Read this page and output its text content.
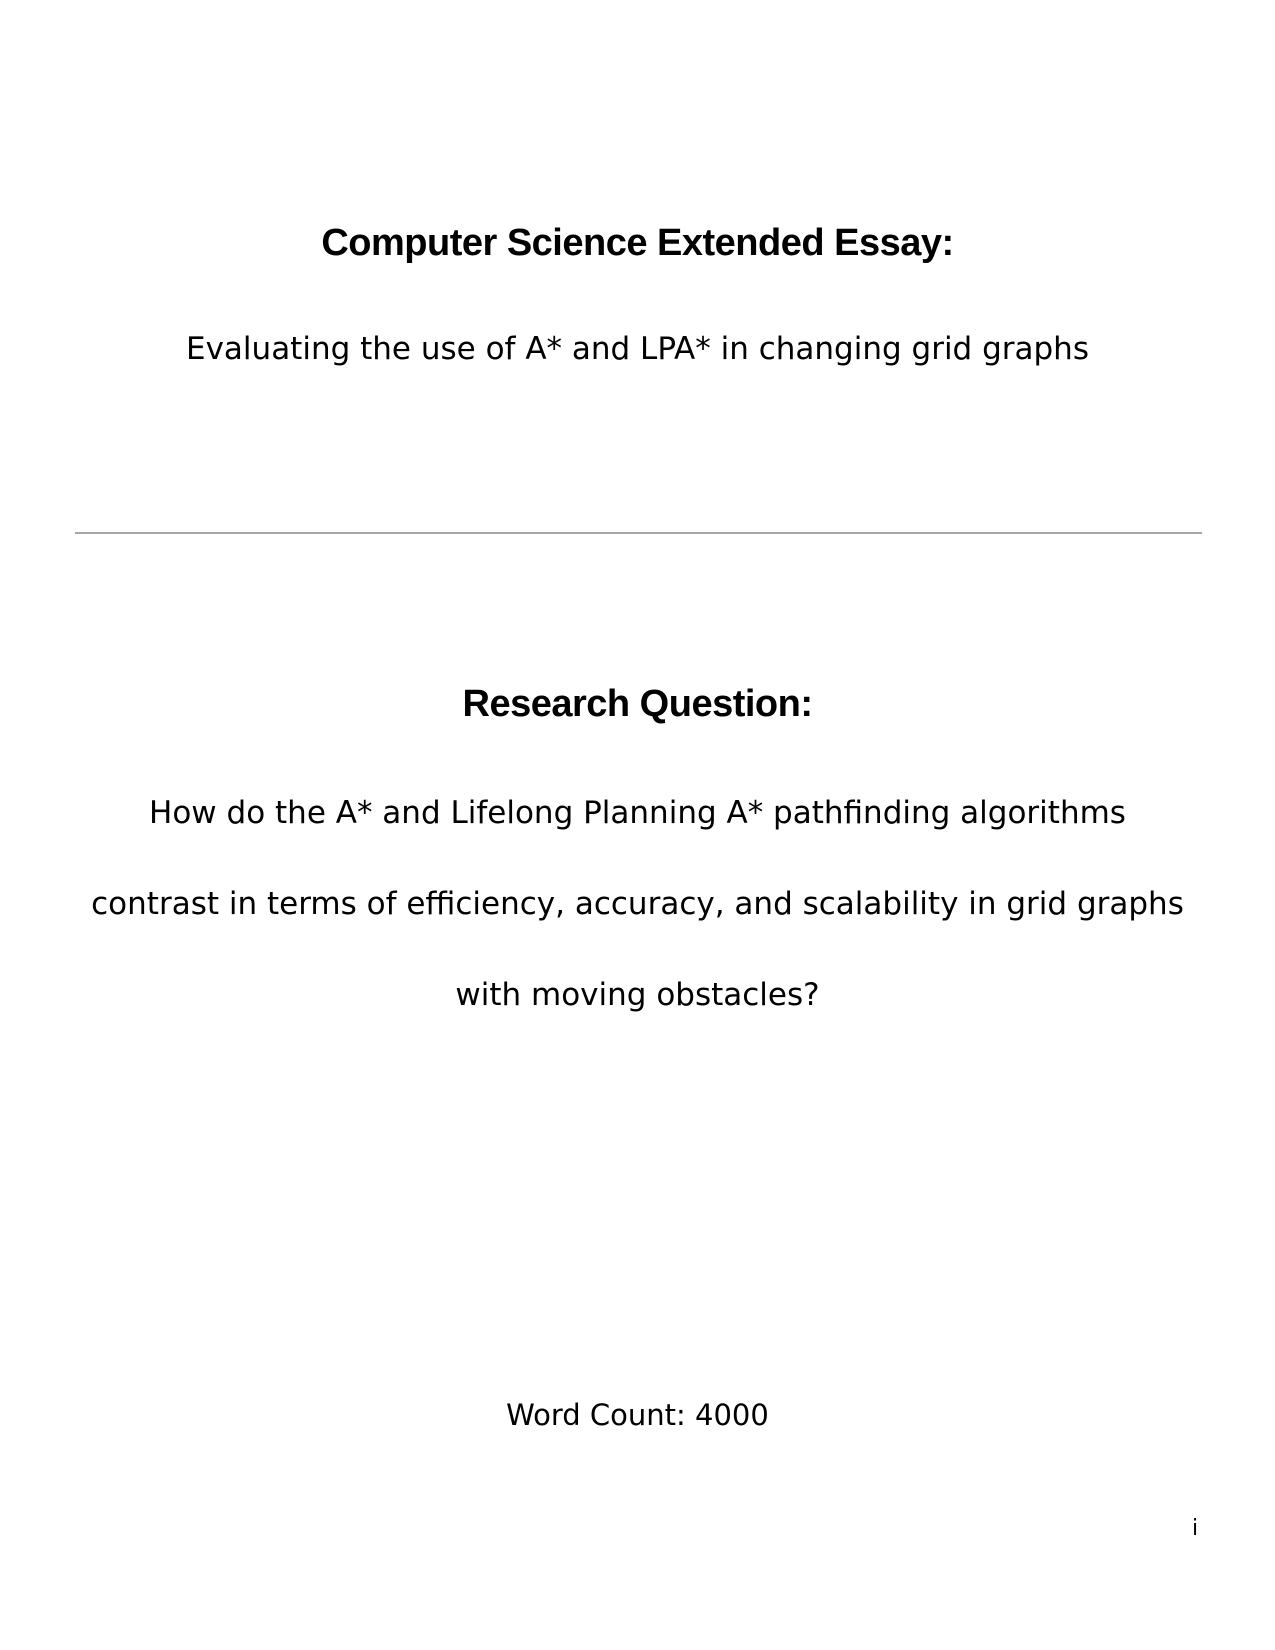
Computer Science Extended Essay:
Evaluating the use of A* and LPA* in changing grid graphs
Research Question:
How do the A* and Lifelong Planning A* pathfinding algorithms
contrast in terms of efficiency, accuracy, and scalability in grid graphs
with moving obstacles?
Word Count: 4000
i
